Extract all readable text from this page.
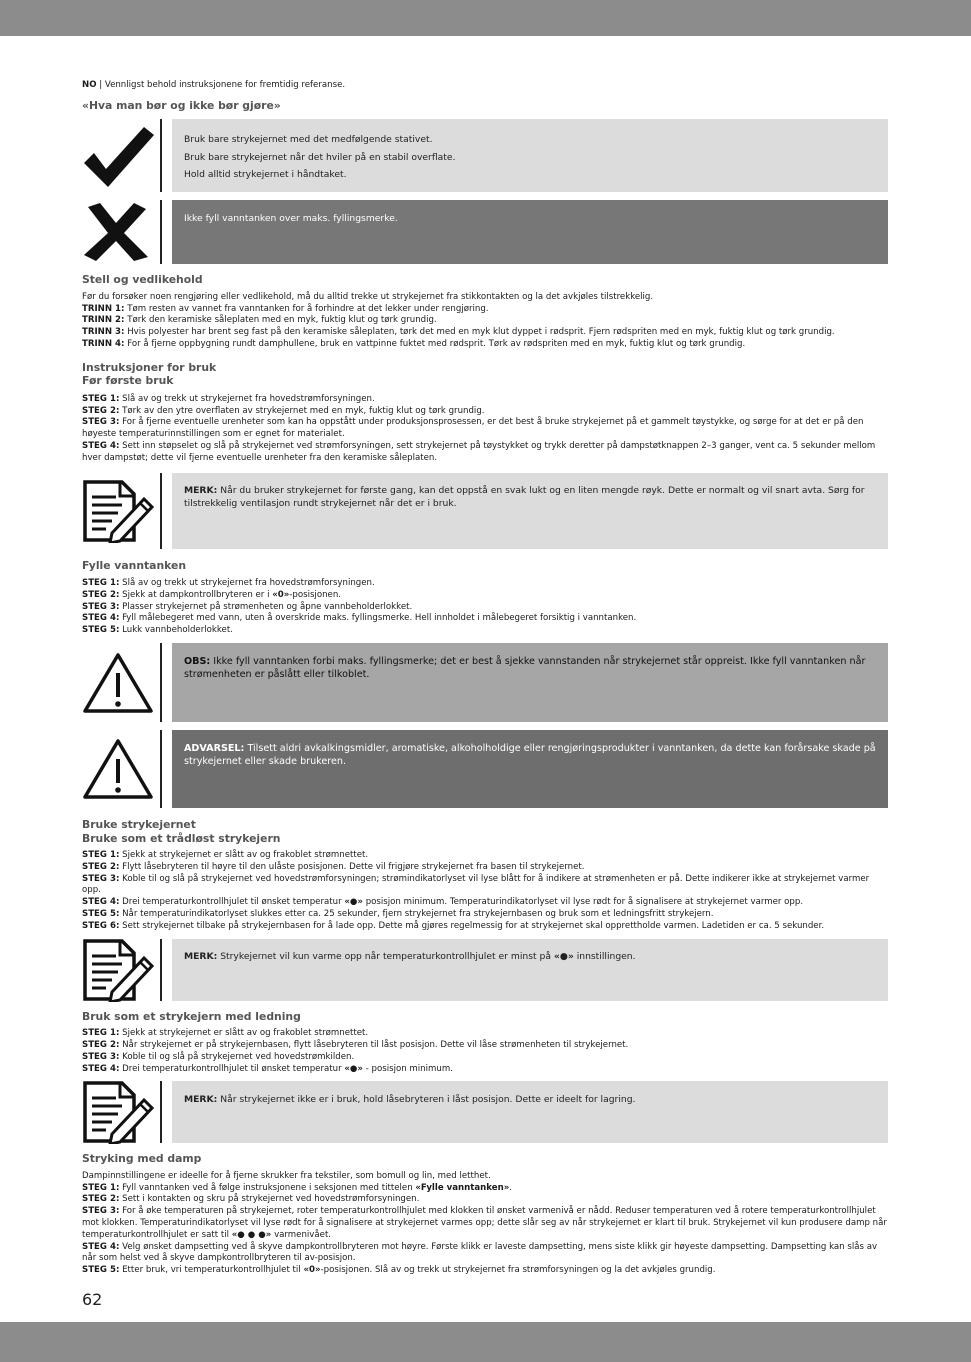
NO | Vennligst behold instruksjonene for fremtidig referanse.

«Hva man bør og ikke bør gjøre»

Bruk bare strykejernet med det medfølgende stativet.
Bruk bare strykejernet når det hviler på en stabil overflate.
Hold alltid strykejernet i håndtaket.
Ikke fyll vanntanken over maks. fyllingsmerke.

Stell og vedlikehold

Før du forsøker noen rengjøring eller vedlikehold, må du alltid trekke ut strykejernet fra stikkontakten og la det avkjøles tilstrekkelig.

TRINN 1: Tøm resten av vannet fra vanntanken for å forhindre at det lekker under rengjøring.

TRINN 2: Tørk den keramiske såleplaten med en myk, fuktig klut og tørk grundig.

TRINN 3: Hvis polyester har brent seg fast på den keramiske såleplaten, tørk det med en myk klut dyppet i rødsprit. Fjern rødspriten med en myk, fuktig klut og tørk grundig.

TRINN 4: For å fjerne oppbygning rundt damphullene, bruk en vattpinne fuktet med rødsprit. Tørk av rødspriten med en myk, fuktig klut og tørk grundig.

Instruksjoner for bruk

Før første bruk

STEG 1: Slå av og trekk ut strykejernet fra hovedstrømforsyningen.

STEG 2: Tørk av den ytre overflaten av strykejernet med en myk, fuktig klut og tørk grundig.

STEG 3: For å fjerne eventuelle urenheter som kan ha oppstått under produksjonsprosessen, er det best å bruke strykejernet på et gammelt tøystykke, og sørge for at det er på den høyeste temperaturinnstillingen som er egnet for materialet.

STEG 4: Sett inn støpselet og slå på strykejernet ved strømforsyningen, sett strykejernet på tøystykket og trykk deretter på dampstøtknappen 2–3 ganger, vent ca. 5 sekunder mellom hver dampstøt; dette vil fjerne eventuelle urenheter fra den keramiske såleplaten.

MERK: Når du bruker strykejernet for første gang, kan det oppstå en svak lukt og en liten mengde røyk. Dette er normalt og vil snart avta. Sørg for tilstrekkelig ventilasjon rundt strykejernet når det er i bruk.

Fylle vanntanken

STEG 1: Slå av og trekk ut strykejernet fra hovedstrømforsyningen.

STEG 2: Sjekk at dampkontrollbryteren er i «0»-posisjonen.

STEG 3: Plasser strykejernet på strømenheten og åpne vannbeholderlokket.

STEG 4: Fyll målebegeret med vann, uten å overskride maks. fyllingsmerke. Hell innholdet i målebegeret forsiktig i vanntanken.

STEG 5: Lukk vannbeholderlokket.

OBS: Ikke fyll vanntanken forbi maks. fyllingsmerke; det er best å sjekke vannstanden når strykejernet står oppreist. Ikke fyll vanntanken når strømenheten er påslått eller tilkoblet.
ADVARSEL: Tilsett aldri avkalkingsmidler, aromatiske, alkoholholdige eller rengjøringsprodukter i vanntanken, da dette kan forårsake skade på strykejernet eller skade brukeren.

Bruke strykejernet

Bruke som et trådløst strykejern

STEG 1: Sjekk at strykejernet er slått av og frakoblet strømnettet.

STEG 2: Flytt låsebryteren til høyre til den ulåste posisjonen. Dette vil frigjøre strykejernet fra basen til strykejernet.

STEG 3: Koble til og slå på strykejernet ved hovedstrømforsyningen; strømindikatorlyset vil lyse blått for å indikere at strømenheten er på. Dette indikerer ikke at strykejernet varmer opp.

STEG 4: Drei temperaturkontrollhjulet til ønsket temperatur «●» posisjon minimum. Temperaturindikatorlyset vil lyse rødt for å signalisere at strykejernet varmer opp.

STEG 5: Når temperaturindikatorlyset slukkes etter ca. 25 sekunder, fjern strykejernet fra strykejernbasen og bruk som et ledningsfritt strykejern.

STEG 6: Sett strykejernet tilbake på strykejernbasen for å lade opp. Dette må gjøres regelmessig for at strykejernet skal opprettholde varmen. Ladetiden er ca. 5 sekunder.

MERK: Strykejernet vil kun varme opp når temperaturkontrollhjulet er minst på «●» innstillingen.

Bruk som et strykejern med ledning

STEG 1: Sjekk at strykejernet er slått av og frakoblet strømnettet.

STEG 2: Når strykejernet er på strykejernbasen, flytt låsebryteren til låst posisjon. Dette vil låse strømenheten til strykejernet.

STEG 3: Koble til og slå på strykejernet ved hovedstrømkilden.

STEG 4: Drei temperaturkontrollhjulet til ønsket temperatur «●» - posisjon minimum.

MERK: Når strykejernet ikke er i bruk, hold låsebryteren i låst posisjon. Dette er ideelt for lagring.

Stryking med damp

Dampinnstillingene er ideelle for å fjerne skrukker fra tekstiler, som bomull og lin, med letthet.

STEG 1: Fyll vanntanken ved å følge instruksjonene i seksjonen med tittelen «Fylle vanntanken».

STEG 2: Sett i kontakten og skru på strykejernet ved hovedstrømforsyningen.

STEG 3: For å øke temperaturen på strykejernet, roter temperaturkontrollhjulet med klokken til ønsket varmenivå er nådd. Reduser temperaturen ved å rotere temperaturkontrollhjulet mot klokken. Temperaturindikatorlyset vil lyse rødt for å signalisere at strykejernet varmes opp; dette slår seg av når strykejernet er klart til bruk. Strykejernet vil kun produsere damp når temperaturkontrollhjulet er satt til «● ● ●» varmenivået.

STEG 4: Velg ønsket dampsetting ved å skyve dampkontrollbryteren mot høyre. Første klikk er laveste dampsetting, mens siste klikk gir høyeste dampsetting. Dampsetting kan slås av når som helst ved å skyve dampkontrollbryteren til av-posisjon.

STEG 5: Etter bruk, vri temperaturkontrollhjulet til «0»-posisjonen. Slå av og trekk ut strykejernet fra strømforsyningen og la det avkjøles grundig.

62
